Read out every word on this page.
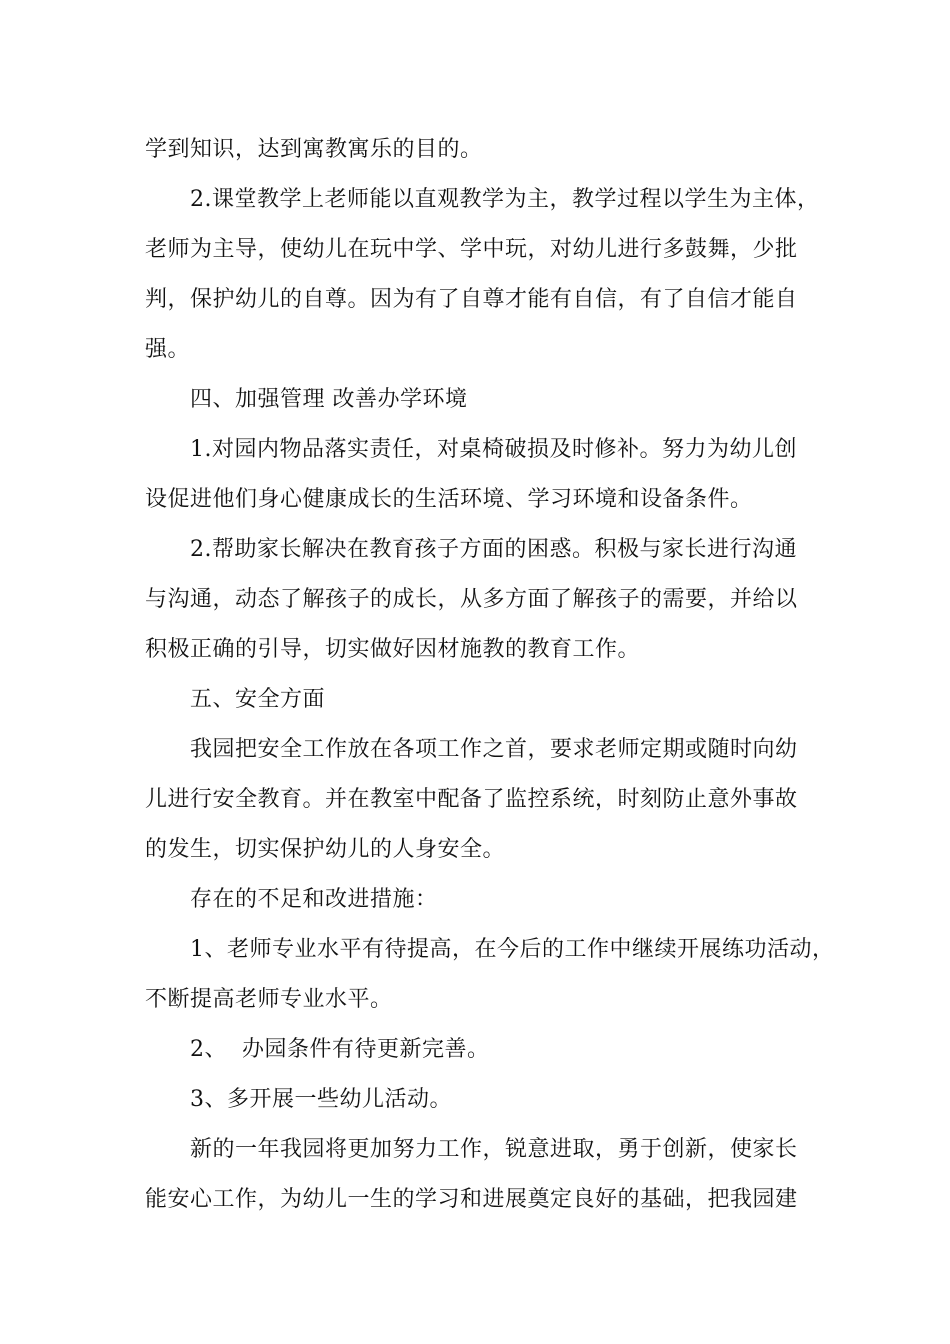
学到知识，达到寓教寓乐的目的。
2.课堂教学上老师能以直观教学为主，教学过程以学生为主体，
老师为主导，使幼儿在玩中学、学中玩，对幼儿进行多鼓舞，少批
判，保护幼儿的自尊。因为有了自尊才能有自信，有了自信才能自
强。
四、加强管理 改善办学环境
1.对园内物品落实责任，对桌椅破损及时修补。努力为幼儿创
设促进他们身心健康成长的生活环境、学习环境和设备条件。
2.帮助家长解决在教育孩子方面的困惑。积极与家长进行沟通
与沟通，动态了解孩子的成长，从多方面了解孩子的需要，并给以
积极正确的引导，切实做好因材施教的教育工作。
五、安全方面
我园把安全工作放在各项工作之首，要求老师定期或随时向幼
儿进行安全教育。并在教室中配备了监控系统，时刻防止意外事故
的发生，切实保护幼儿的人身安全。
存在的不足和改进措施：
1、老师专业水平有待提高，在今后的工作中继续开展练功活动，
不断提高老师专业水平。
2、  办园条件有待更新完善。
3、多开展一些幼儿活动。
新的一年我园将更加努力工作，锐意进取，勇于创新，使家长
能安心工作，为幼儿一生的学习和进展奠定良好的基础，把我园建
